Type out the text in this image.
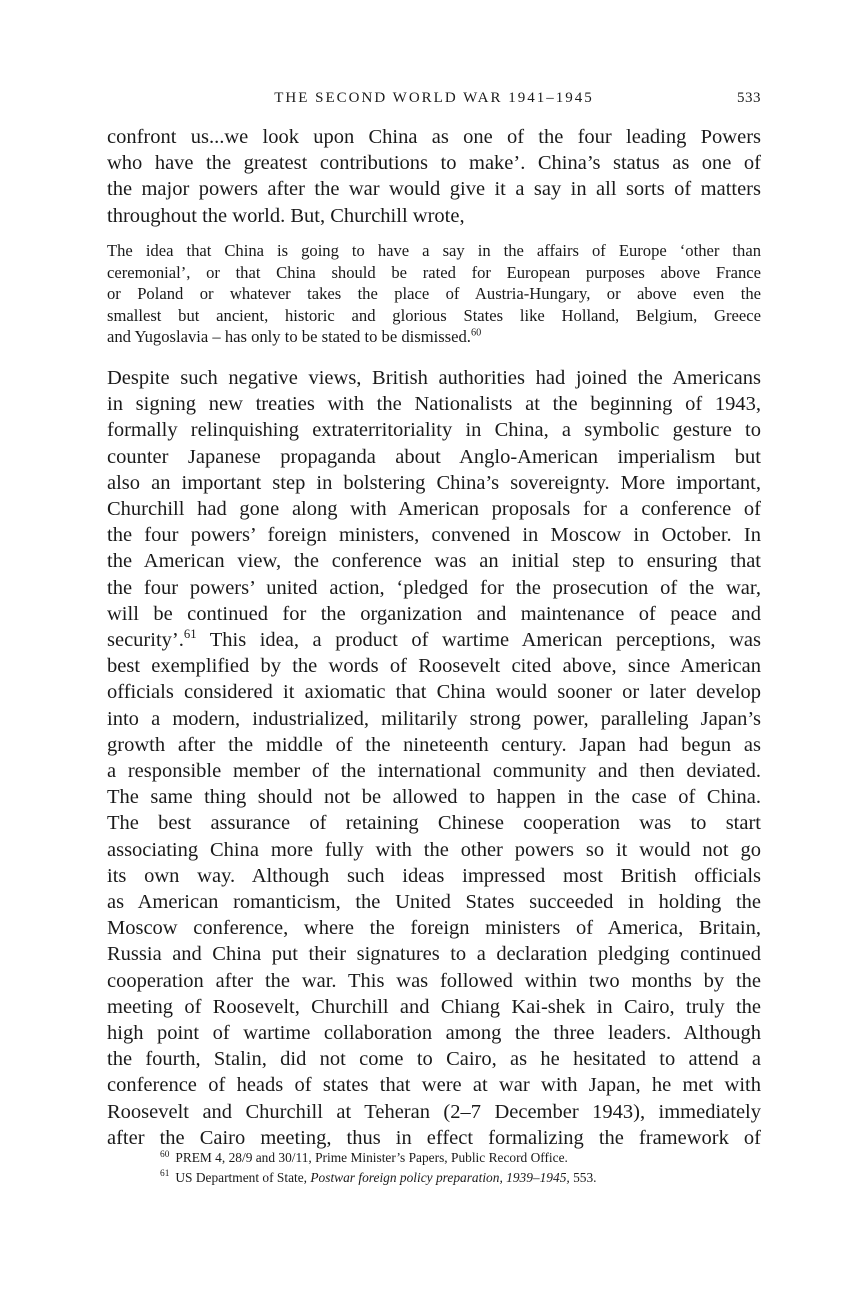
THE SECOND WORLD WAR 1941–1945	533
confront us...we look upon China as one of the four leading Powers
who have the greatest contributions to make’. China’s status as one of
the major powers after the war would give it a say in all sorts of matters
throughout the world. But, Churchill wrote,
The idea that China is going to have a say in the affairs of Europe ‘other than
ceremonial’, or that China should be rated for European purposes above France
or Poland or whatever takes the place of Austria-Hungary, or above even the
smallest but ancient, historic and glorious States like Holland, Belgium, Greece
and Yugoslavia – has only to be stated to be dismissed.$^{60}$
Despite such negative views, British authorities had joined the Americans
in signing new treaties with the Nationalists at the beginning of 1943,
formally relinquishing extraterritoriality in China, a symbolic gesture to
counter Japanese propaganda about Anglo-American imperialism but
also an important step in bolstering China’s sovereignty. More important,
Churchill had gone along with American proposals for a conference of
the four powers’ foreign ministers, convened in Moscow in October. In
the American view, the conference was an initial step to ensuring that
the four powers’ united action, ‘pledged for the prosecution of the war,
will be continued for the organization and maintenance of peace and
security’.$^{61}$ This idea, a product of wartime American perceptions, was
best exemplified by the words of Roosevelt cited above, since American
officials considered it axiomatic that China would sooner or later develop
into a modern, industrialized, militarily strong power, paralleling Japan’s
growth after the middle of the nineteenth century. Japan had begun as
a responsible member of the international community and then deviated.
The same thing should not be allowed to happen in the case of China.
The best assurance of retaining Chinese cooperation was to start
associating China more fully with the other powers so it would not go
its own way. Although such ideas impressed most British officials
as American romanticism, the United States succeeded in holding the
Moscow conference, where the foreign ministers of America, Britain,
Russia and China put their signatures to a declaration pledging continued
cooperation after the war. This was followed within two months by the
meeting of Roosevelt, Churchill and Chiang Kai-shek in Cairo, truly the
high point of wartime collaboration among the three leaders. Although
the fourth, Stalin, did not come to Cairo, as he hesitated to attend a
conference of heads of states that were at war with Japan, he met with
Roosevelt and Churchill at Teheran (2–7 December 1943), immediately
after the Cairo meeting, thus in effect formalizing the framework of
$^{60}$ PREM 4, 28/9 and 30/11, Prime Minister’s Papers, Public Record Office.
$^{61}$ US Department of State, Postwar foreign policy preparation, 1939–1945, 553.
